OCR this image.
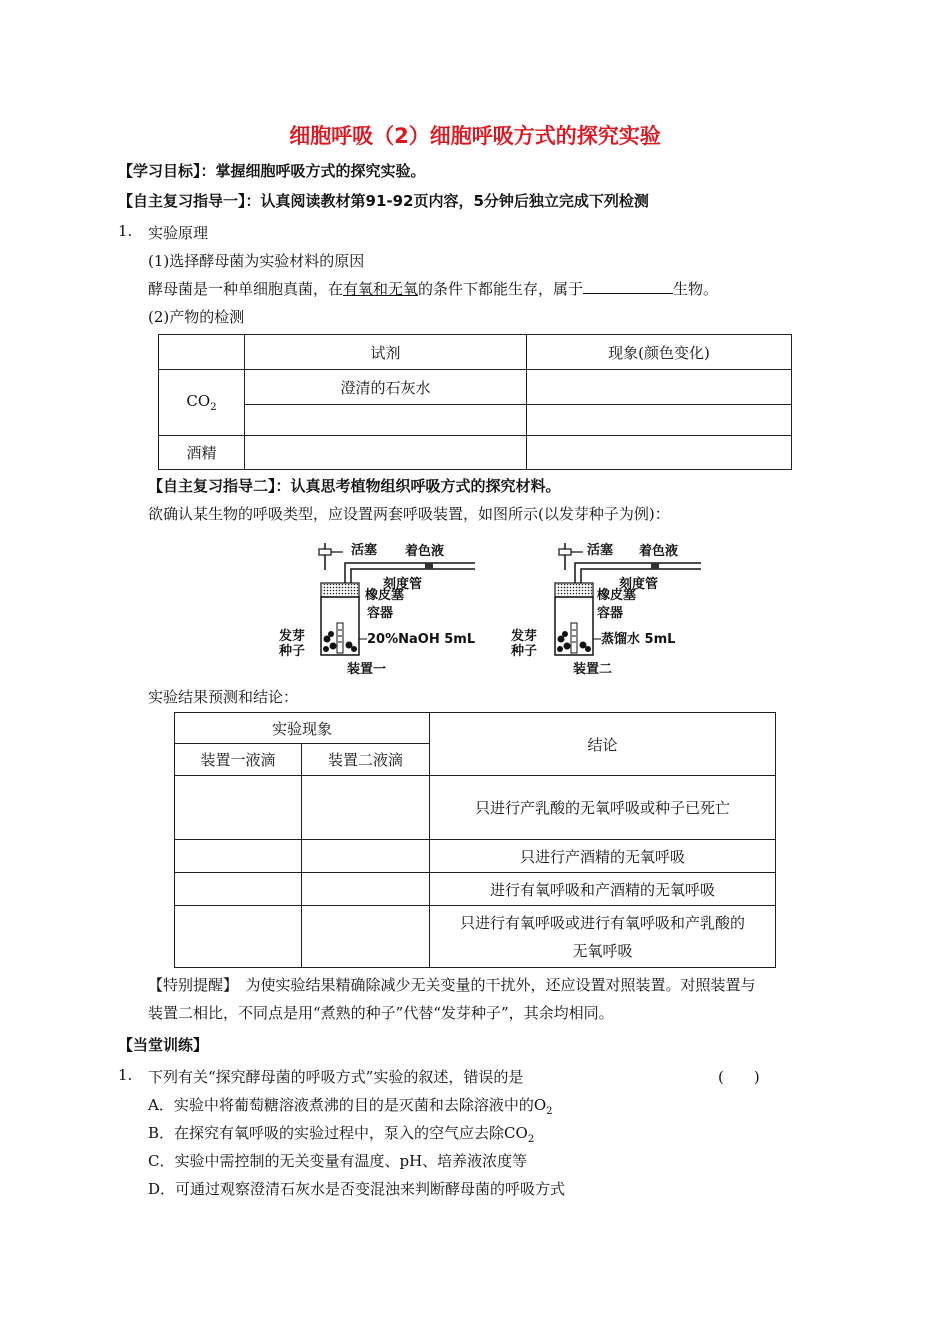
细胞呼吸（2）细胞呼吸方式的探究实验
【学习目标】：掌握细胞呼吸方式的探究实验。
【自主复习指导一】：认真阅读教材第91-92页内容，5分钟后独立完成下列检测
1. 实验原理
(1)选择酵母菌为实验材料的原因
酵母菌是一种单细胞真菌，在有氧和无氧的条件下都能生存，属于	生物。
(2)产物的检测
	试剂	现象(颜色变化)
$CO_2$	澄清的石灰水	

酒精		
【自主复习指导二】：认真思考植物组织呼吸方式的探究材料。
欲确认某生物的呼吸类型，应设置两套呼吸装置，如图所示(以发芽种子为例)：
活塞 着色液
刻度管
橡皮塞
容器
20%NaOH 5mL
发芽
种子
装置一
活塞 着色液
刻度管
橡皮塞
容器
蒸馏水 5mL
发芽
种子
装置二
实验结果预测和结论：
实验现象		结论
装置一液滴	装置二液滴	
		只进行产乳酸的无氧呼吸或种子已死亡
		只进行产酒精的无氧呼吸
		进行有氧呼吸和产酒精的无氧呼吸

		只进行有氧呼吸或进行有氧呼吸和产乳酸的
无氧呼吸
【特别提醒】　为使实验结果精确除减少无关变量的干扰外，还应设置对照装置。对照装置与
装置二相比，不同点是用“煮熟的种子”代替“发芽种子”，其余均相同。
【当堂训练】
1. 下列有关“探究酵母菌的呼吸方式”实验的叙述，错误的是	(　　)
A．实验中将葡萄糖溶液煮沸的目的是灭菌和去除溶液中的$O_2$
B．在探究有氧呼吸的实验过程中，泵入的空气应去除$CO_2$
C．实验中需控制的无关变量有温度、pH、培养液浓度等
D．可通过观察澄清石灰水是否变混浊来判断酵母菌的呼吸方式
